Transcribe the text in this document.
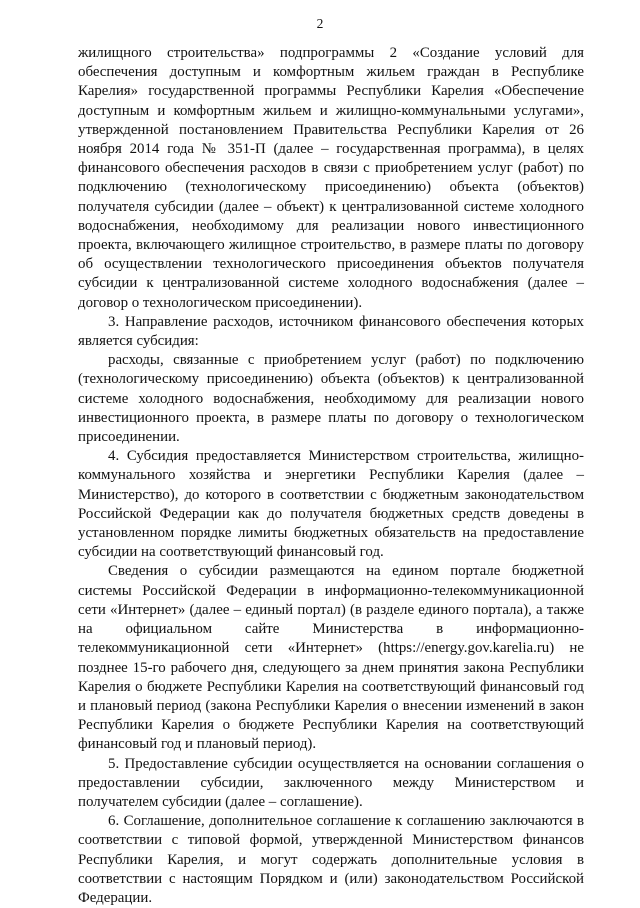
2

жилищного строительства» подпрограммы 2 «Создание условий для обеспечения доступным и комфортным жильем граждан в Республике Карелия» государственной программы Республики Карелия «Обеспечение доступным и комфортным жильем и жилищно-коммунальными услугами», утвержденной постановлением Правительства Республики Карелия от 26 ноября 2014 года № 351-П (далее – государственная программа), в целях финансового обеспечения расходов в связи с приобретением услуг (работ) по подключению (технологическому присоединению) объекта (объектов) получателя субсидии (далее – объект) к централизованной системе холодного водоснабжения, необходимому для реализации нового инвестиционного проекта, включающего жилищное строительство, в размере платы по договору об осуществлении технологического присоединения объектов получателя субсидии к централизованной системе холодного водоснабжения (далее – договор о технологическом присоединении).

3. Направление расходов, источником финансового обеспечения которых является субсидия:

расходы, связанные с приобретением услуг (работ) по подключению (технологическому присоединению) объекта (объектов) к централизованной системе холодного водоснабжения, необходимому для реализации нового инвестиционного проекта, в размере платы по договору о технологическом присоединении.

4. Субсидия предоставляется Министерством строительства, жилищно-коммунального хозяйства и энергетики Республики Карелия (далее – Министерство), до которого в соответствии с бюджетным законодательством Российской Федерации как до получателя бюджетных средств доведены в установленном порядке лимиты бюджетных обязательств на предоставление субсидии на соответствующий финансовый год.

Сведения о субсидии размещаются на едином портале бюджетной системы Российской Федерации в информационно-телекоммуникационной сети «Интернет» (далее – единый портал) (в разделе единого портала), а также на официальном сайте Министерства в информационно-телекоммуникационной сети «Интернет» (https://energy.gov.karelia.ru) не позднее 15-го рабочего дня, следующего за днем принятия закона Республики Карелия о бюджете Республики Карелия на соответствующий финансовый год и плановый период (закона Республики Карелия о внесении изменений в закон Республики Карелия о бюджете Республики Карелия на соответствующий финансовый год и плановый период).

5. Предоставление субсидии осуществляется на основании соглашения о предоставлении субсидии, заключенного между Министерством и получателем субсидии (далее – соглашение).

6. Соглашение, дополнительное соглашение к соглашению заключаются в соответствии с типовой формой, утвержденной Министерством финансов Республики Карелия, и могут содержать дополнительные условия в соответствии с настоящим Порядком и (или) законодательством Российской Федерации.
